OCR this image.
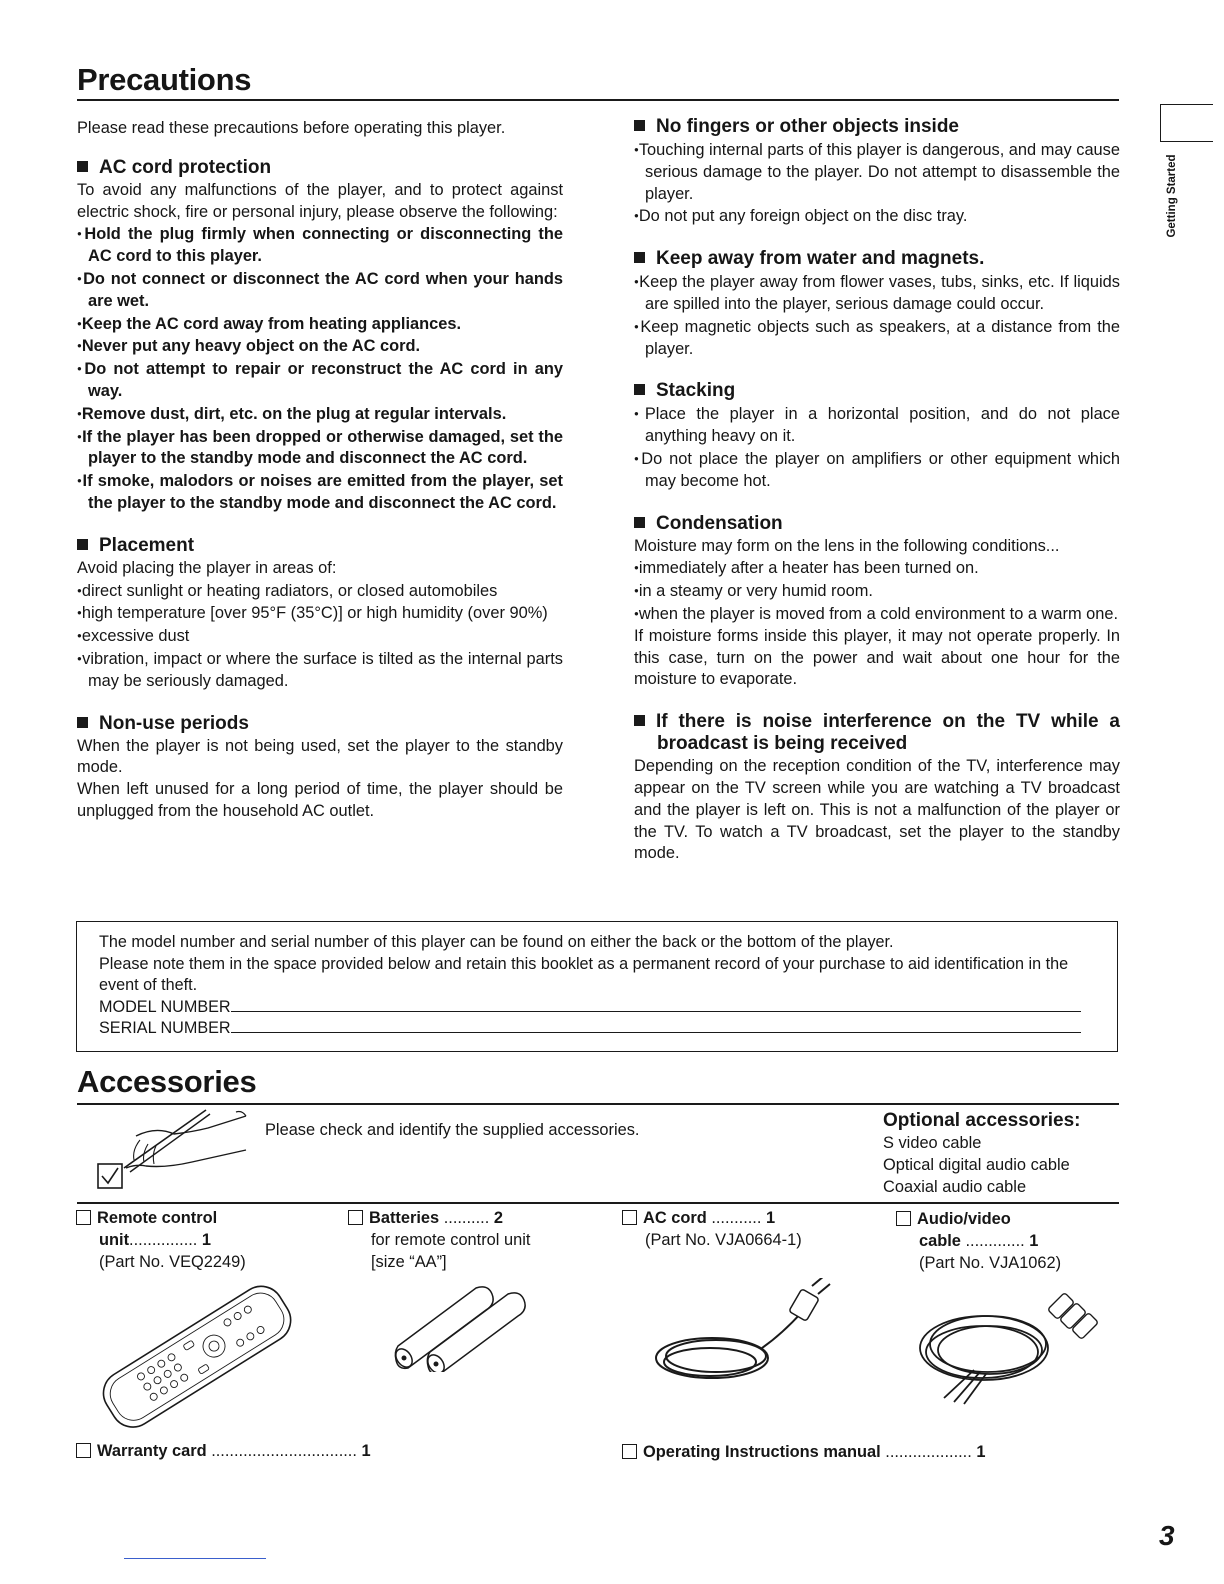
Precautions
Getting Started

Please read these precautions before operating this player.

AC cord protection

To avoid any malfunctions of the player, and to protect against electric shock, fire or personal injury, please observe the following:

● Hold the plug firmly when connecting or disconnecting the AC cord to this player.

● Do not connect or disconnect the AC cord when your hands are wet.

● Keep the AC cord away from heating appliances.

● Never put any heavy object on the AC cord.

● Do not attempt to repair or reconstruct the AC cord in any way.

● Remove dust, dirt, etc. on the plug at regular intervals.

● If the player has been dropped or otherwise damaged, set the player to the standby mode and disconnect the AC cord.

● If smoke, malodors or noises are emitted from the player, set the player to the standby mode and disconnect the AC cord.

Placement

Avoid placing the player in areas of:

● direct sunlight or heating radiators, or closed automobiles

● high temperature [over 95°F (35°C)] or high humidity (over 90%)

● excessive dust

● vibration, impact or where the surface is tilted as the internal parts may be seriously damaged.

Non-use periods

When the player is not being used, set the player to the standby mode.

When left unused for a long period of time, the player should be unplugged from the household AC outlet.

No fingers or other objects inside

● Touching internal parts of this player is dangerous, and may cause serious damage to the player. Do not attempt to disassemble the player.

● Do not put any foreign object on the disc tray.

Keep away from water and magnets.

● Keep the player away from flower vases, tubs, sinks, etc. If liquids are spilled into the player, serious damage could occur.

● Keep magnetic objects such as speakers, at a distance from the player.

Stacking

● Place the player in a horizontal position, and do not place anything heavy on it.

● Do not place the player on amplifiers or other equipment which may become hot.

Condensation

Moisture may form on the lens in the following conditions...

● immediately after a heater has been turned on.

● in a steamy or very humid room.

● when the player is moved from a cold environment to a warm one.

If moisture forms inside this player, it may not operate properly. In this case, turn on the power and wait about one hour for the moisture to evaporate.

If there is noise interference on the TV while a broadcast is being received

Depending on the reception condition of the TV, interference may appear on the TV screen while you are watching a TV broadcast and the player is left on. This is not a malfunction of the player or the TV. To watch a TV broadcast, set the player to the standby mode.

The model number and serial number of this player can be found on either the back or the bottom of the player.

Please note them in the space provided below and retain this booklet as a permanent record of your purchase to aid identification in the event of theft.

MODEL NUMBER

SERIAL NUMBER

Accessories
Please check and identify the supplied accessories.	Optional accessories:
S video cable
Optical digital audio cable
Coaxial audio cable

Remote control

unit............... 1

(Part No. VEQ2249)

Batteries .......... 2

for remote control unit

[size “AA”]

AC cord ........... 1

(Part No. VJA0664-1)

Audio/video

cable ............. 1

(Part No. VJA1062)

Warranty card ................................ 1	Operating Instructions manual ................... 1
3
